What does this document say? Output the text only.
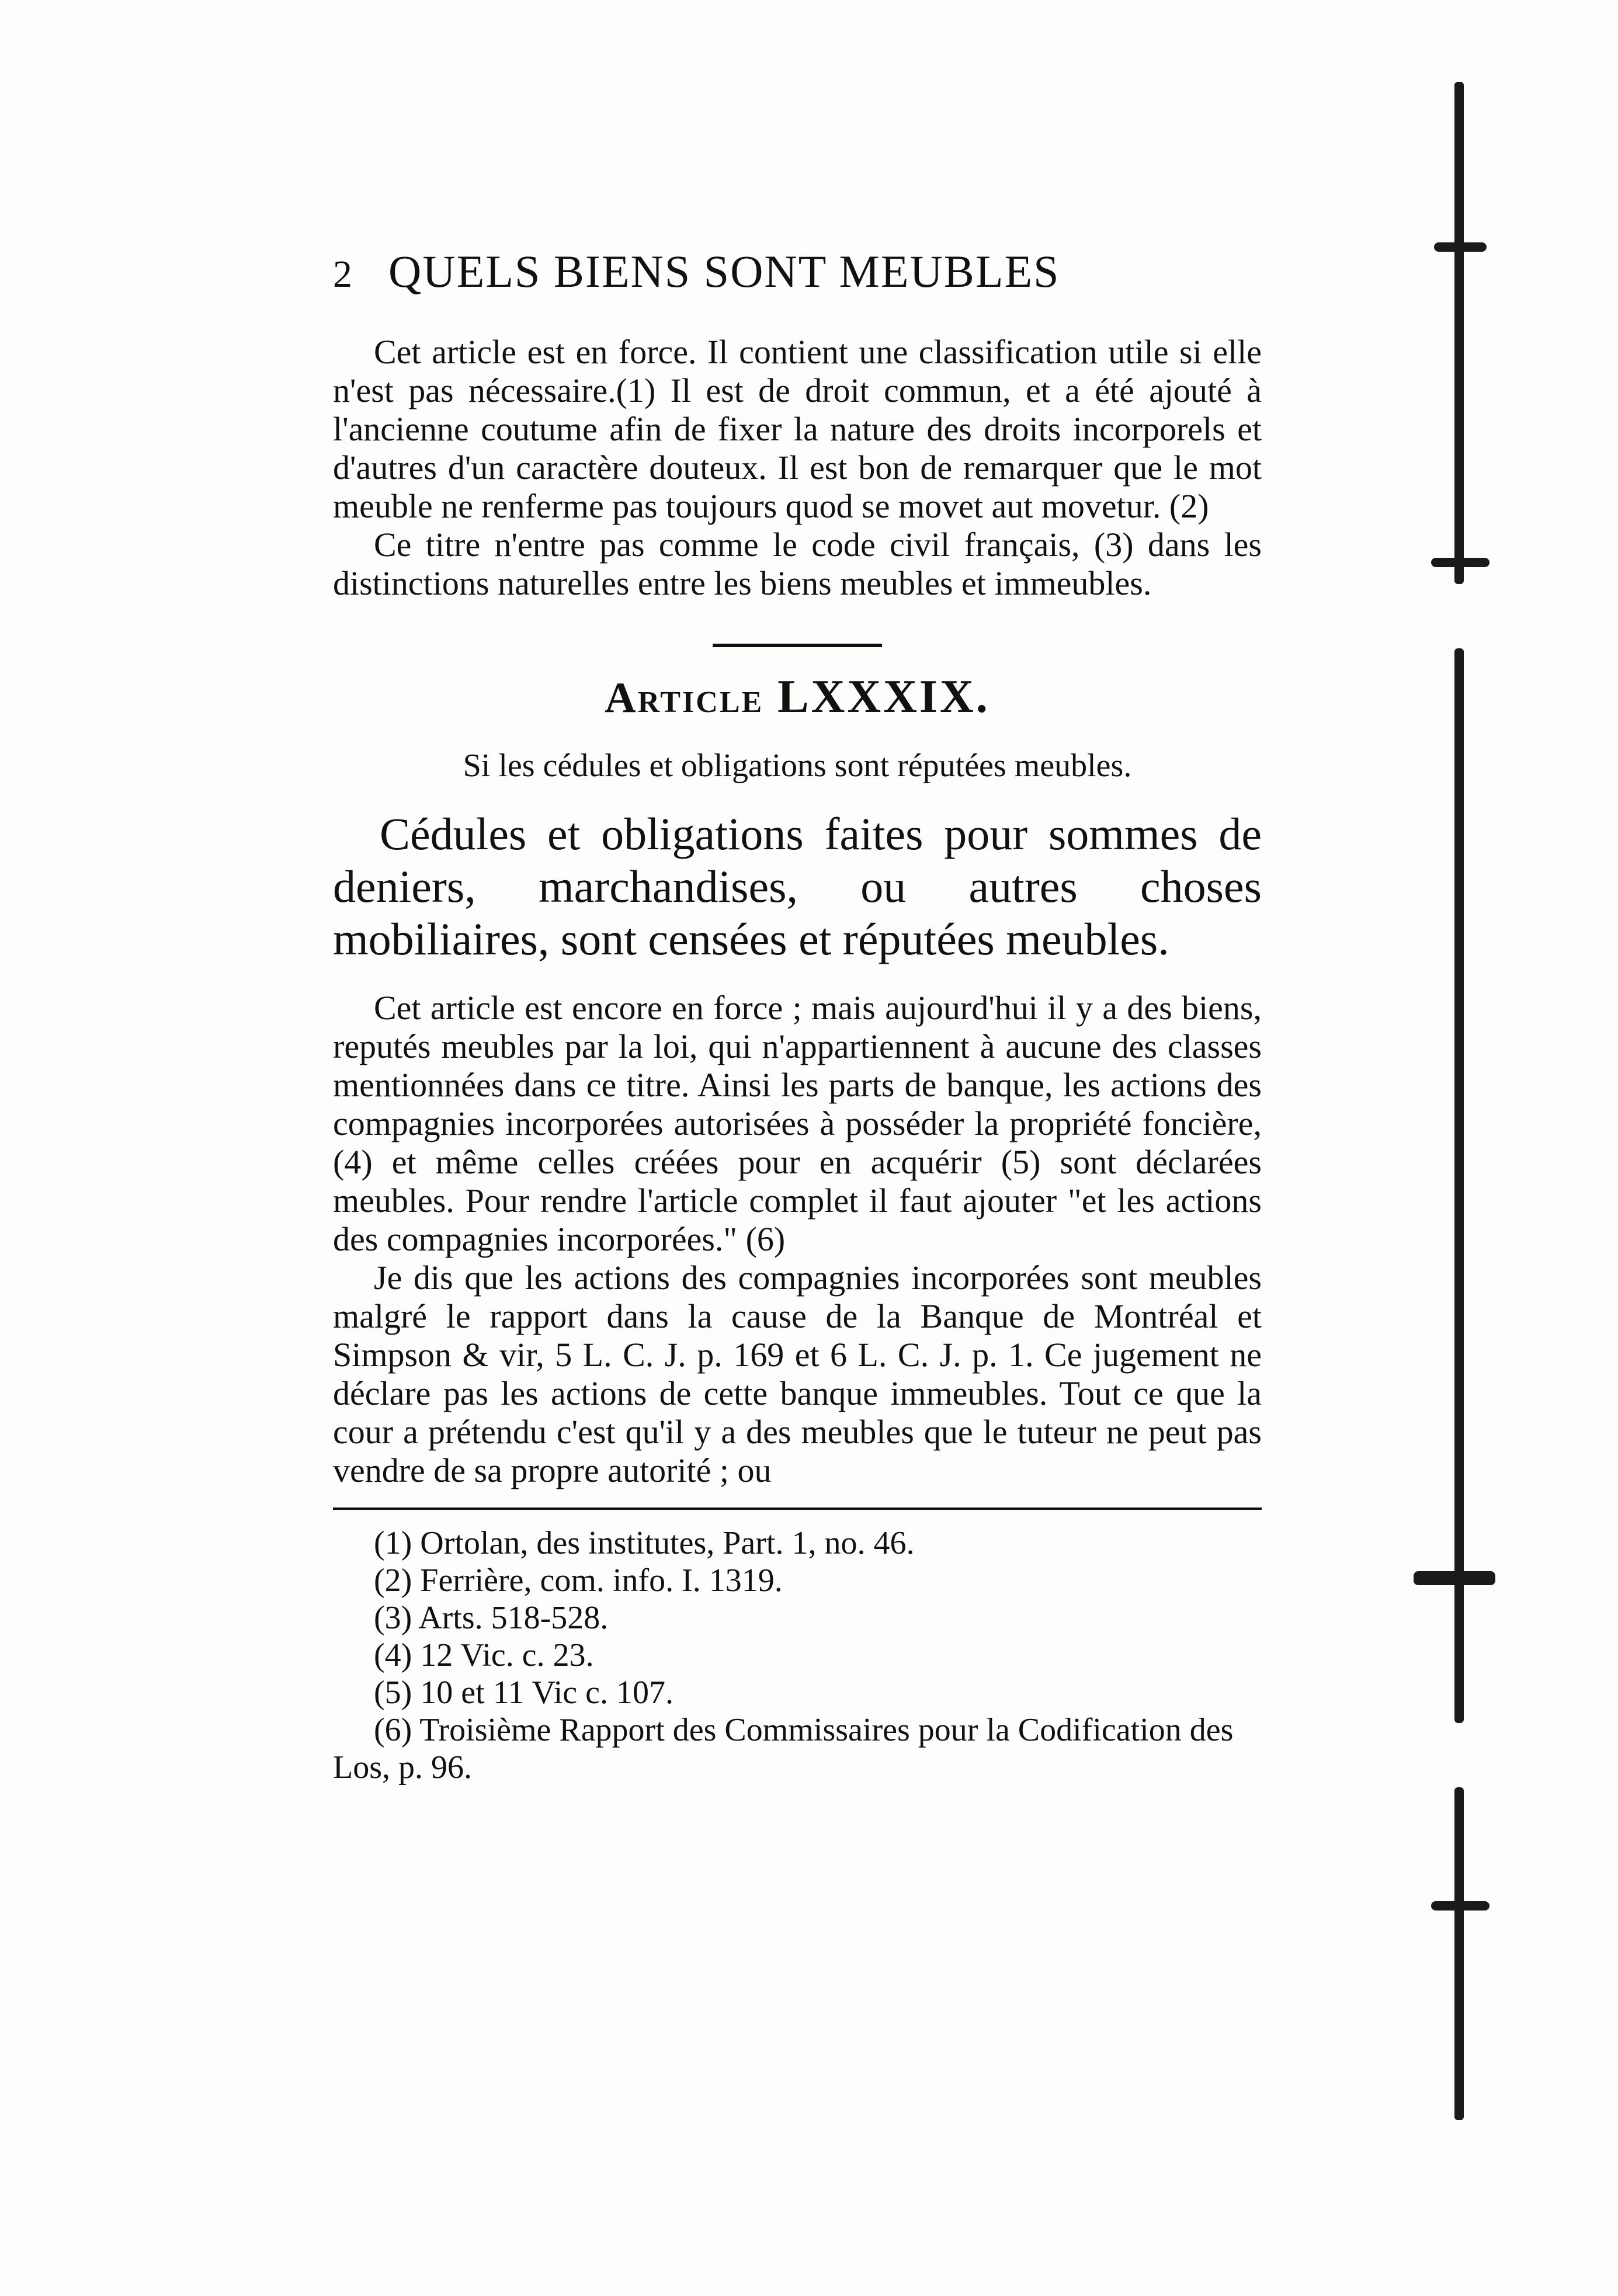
2 QUELS BIENS SONT MEUBLES

Cet article est en force. Il contient une classification utile si elle n'est pas nécessaire.(1) Il est de droit commun, et a été ajouté à l'ancienne coutume afin de fixer la nature des droits incorporels et d'autres d'un caractère douteux. Il est bon de remarquer que le mot meuble ne renferme pas toujours quod se movet aut movetur. (2)

Ce titre n'entre pas comme le code civil français, (3) dans les distinctions naturelles entre les biens meubles et immeubles.

Article LXXXIX.

Si les cédules et obligations sont réputées meubles.

Cédules et obligations faites pour sommes de deniers, marchandises, ou autres choses mobiliaires, sont censées et réputées meubles.

Cet article est encore en force ; mais aujourd'hui il y a des biens, reputés meubles par la loi, qui n'appartiennent à aucune des classes mentionnées dans ce titre. Ainsi les parts de banque, les actions des compagnies incorporées autorisées à posséder la propriété foncière, (4) et même celles créées pour en acquérir (5) sont déclarées meubles. Pour rendre l'article complet il faut ajouter "et les actions des compagnies incorporées." (6)

Je dis que les actions des compagnies incorporées sont meubles malgré le rapport dans la cause de la Banque de Montréal et Simpson & vir, 5 L. C. J. p. 169 et 6 L. C. J. p. 1. Ce jugement ne déclare pas les actions de cette banque immeubles. Tout ce que la cour a prétendu c'est qu'il y a des meubles que le tuteur ne peut pas vendre de sa propre autorité ; ou

(1) Ortolan, des institutes, Part. 1, no. 46.
(2) Ferrière, com. info. I. 1319.
(3) Arts. 518-528.
(4) 12 Vic. c. 23.
(5) 10 et 11 Vic c. 107.
(6) Troisième Rapport des Commissaires pour la Codification des Los, p. 96.
